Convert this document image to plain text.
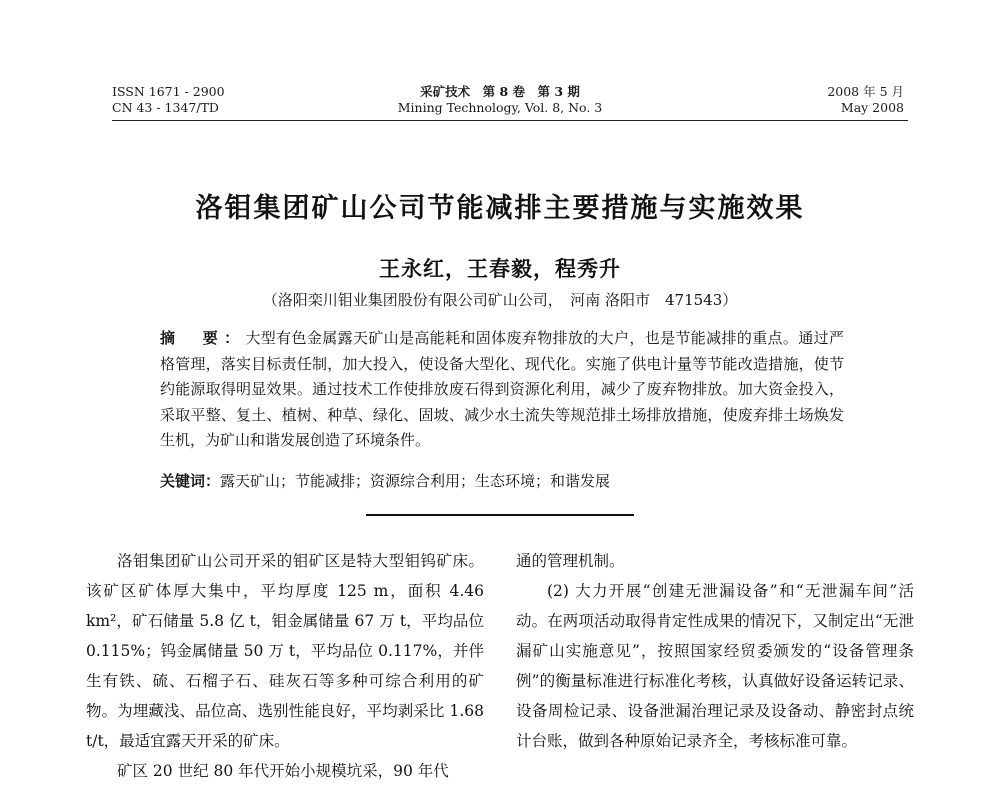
ISSN 1671 - 2900
CN 43 - 1347/TD
采矿技术　第 8 卷　第 3 期
Mining Technology, Vol. 8, No. 3
2008 年 5 月
May 2008
洛钼集团矿山公司节能减排主要措施与实施效果
王永红，王春毅，程秀升
（洛阳栾川钼业集团股份有限公司矿山公司，　河南 洛阳市　471543）
摘　要：大型有色金属露天矿山是高能耗和固体废弃物排放的大户，也是节能减排的重点。通过严格管理，落实目标责任制，加大投入，使设备大型化、现代化。实施了供电计量等节能改造措施，使节约能源取得明显效果。通过技术工作使排放废石得到资源化利用，减少了废弃物排放。加大资金投入，采取平整、复土、植树、种草、绿化、固坡、减少水土流失等规范排土场排放措施，使废弃排土场焕发生机，为矿山和谐发展创造了环境条件。
关键词：露天矿山；节能减排；资源综合利用；生态环境；和谐发展

洛钼集团矿山公司开采的钼矿区是特大型钼钨矿床。该矿区矿体厚大集中，平均厚度 125 m，面积 4.46 km²，矿石储量 5.8 亿 t，钼金属储量 67 万 t，平均品位 0.115%；钨金属储量 50 万 t，平均品位 0.117%，并伴生有铁、硫、石榴子石、硅灰石等多种可综合利用的矿物。为埋藏浅、品位高、选别性能良好，平均剥采比 1.68 t/t，最适宜露天开采的矿床。

矿区 20 世纪 80 年代开始小规模坑采，90 年代

通的管理机制。

(2) 大力开展“创建无泄漏设备”和“无泄漏车间”活动。在两项活动取得肯定性成果的情况下，又制定出“无泄漏矿山实施意见”，按照国家经贸委颁发的“设备管理条例”的衡量标准进行标准化考核，认真做好设备运转记录、设备周检记录、设备泄漏治理记录及设备动、静密封点统计台账，做到各种原始记录齐全，考核标准可靠。
